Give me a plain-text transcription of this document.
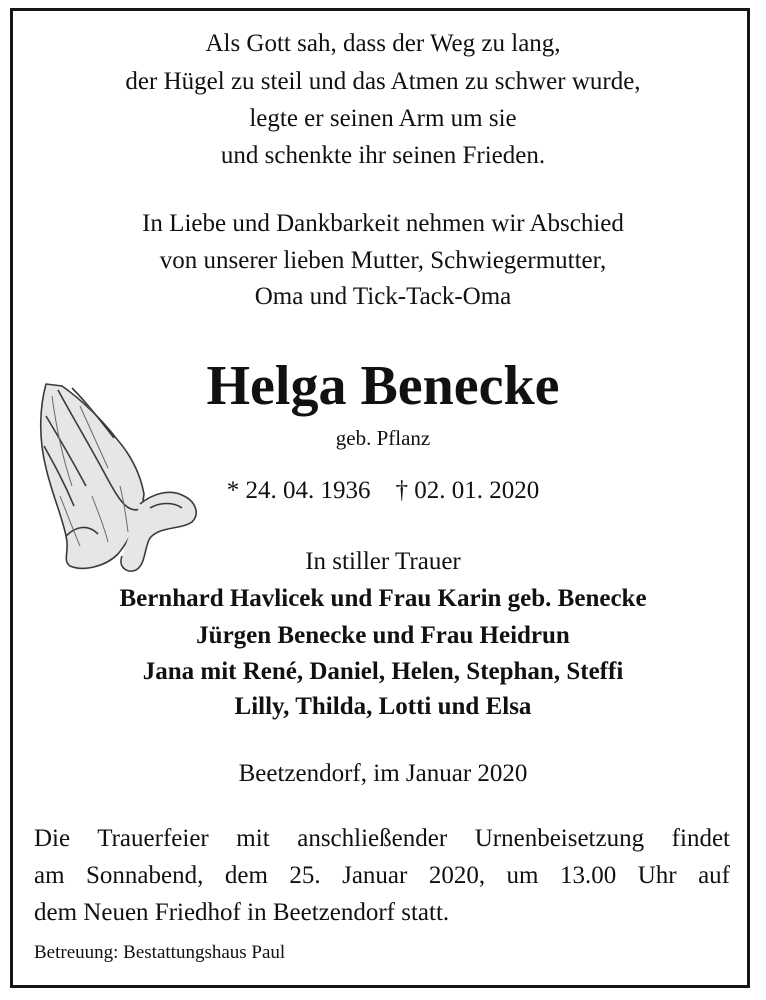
Als Gott sah, dass der Weg zu lang,
der Hügel zu steil und das Atmen zu schwer wurde,
legte er seinen Arm um sie
und schenkte ihr seinen Frieden.
In Liebe und Dankbarkeit nehmen wir Abschied
von unserer lieben Mutter, Schwiegermutter,
Oma und Tick-Tack-Oma
Helga Benecke
geb. Pflanz
* 24. 04. 1936    † 02. 01. 2020
In stiller Trauer
Bernhard Havlicek und Frau Karin geb. Benecke
Jürgen Benecke und Frau Heidrun
Jana mit René, Daniel, Helen, Stephan, Steffi
Lilly, Thilda, Lotti und Elsa
Beetzendorf, im Januar 2020
Die Trauerfeier mit anschließender Urnenbeisetzung findet
am Sonnabend, dem 25. Januar 2020, um 13.00 Uhr auf
dem Neuen Friedhof in Beetzendorf statt.
Betreuung: Bestattungshaus Paul
